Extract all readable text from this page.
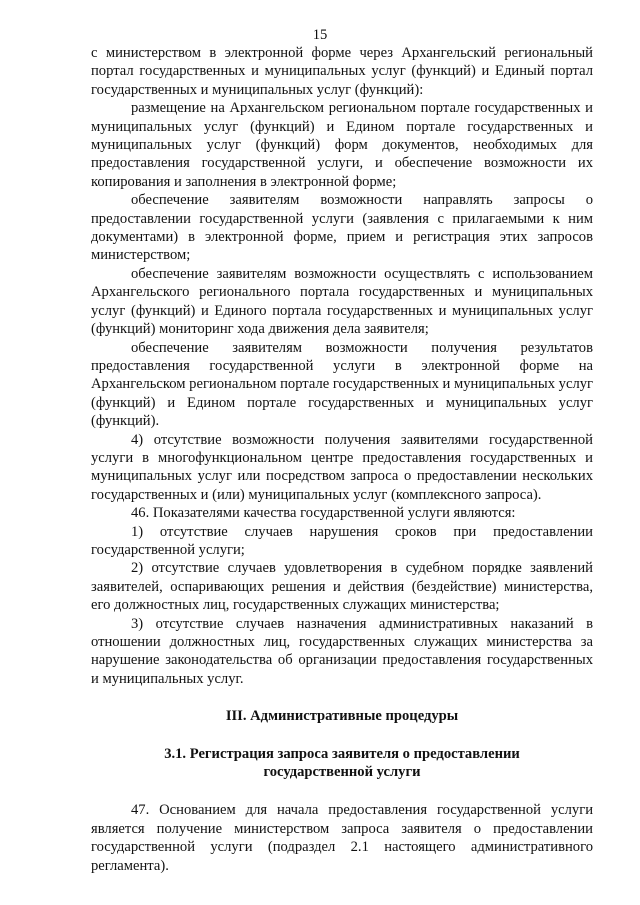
15

с министерством в электронной форме через Архангельский региональный портал государственных и муниципальных услуг (функций) и Единый портал государственных и муниципальных услуг (функций):

размещение на Архангельском региональном портале государственных и муниципальных услуг (функций) и Едином портале государственных и муниципальных услуг (функций) форм документов, необходимых для предоставления государственной услуги, и обеспечение возможности их копирования и заполнения в электронной форме;

обеспечение заявителям возможности направлять запросы о предоставлении государственной услуги (заявления с прилагаемыми к ним документами) в электронной форме, прием и регистрация этих запросов министерством;

обеспечение заявителям возможности осуществлять с использованием Архангельского регионального портала государственных и муниципальных услуг (функций) и Единого портала государственных и муниципальных услуг (функций) мониторинг хода движения дела заявителя;

обеспечение заявителям возможности получения результатов предоставления государственной услуги в электронной форме на Архангельском региональном портале государственных и муниципальных услуг (функций) и Едином портале государственных и муниципальных услуг (функций).

4) отсутствие возможности получения заявителями государственной услуги в многофункциональном центре предоставления государственных и муниципальных услуг или посредством запроса о предоставлении нескольких государственных и (или) муниципальных услуг (комплексного запроса).

46. Показателями качества государственной услуги являются:

1) отсутствие случаев нарушения сроков при предоставлении государственной услуги;

2) отсутствие случаев удовлетворения в судебном порядке заявлений заявителей, оспаривающих решения и действия (бездействие) министерства, его должностных лиц, государственных служащих министерства;

3) отсутствие случаев назначения административных наказаний в отношении должностных лиц, государственных служащих министерства за нарушение законодательства об организации предоставления государственных и муниципальных услуг.

III. Административные процедуры

3.1. Регистрация запроса заявителя о предоставлении

государственной услуги

47. Основанием для начала предоставления государственной услуги является получение министерством запроса заявителя о предоставлении государственной услуги (подраздел 2.1 настоящего административного регламента).
